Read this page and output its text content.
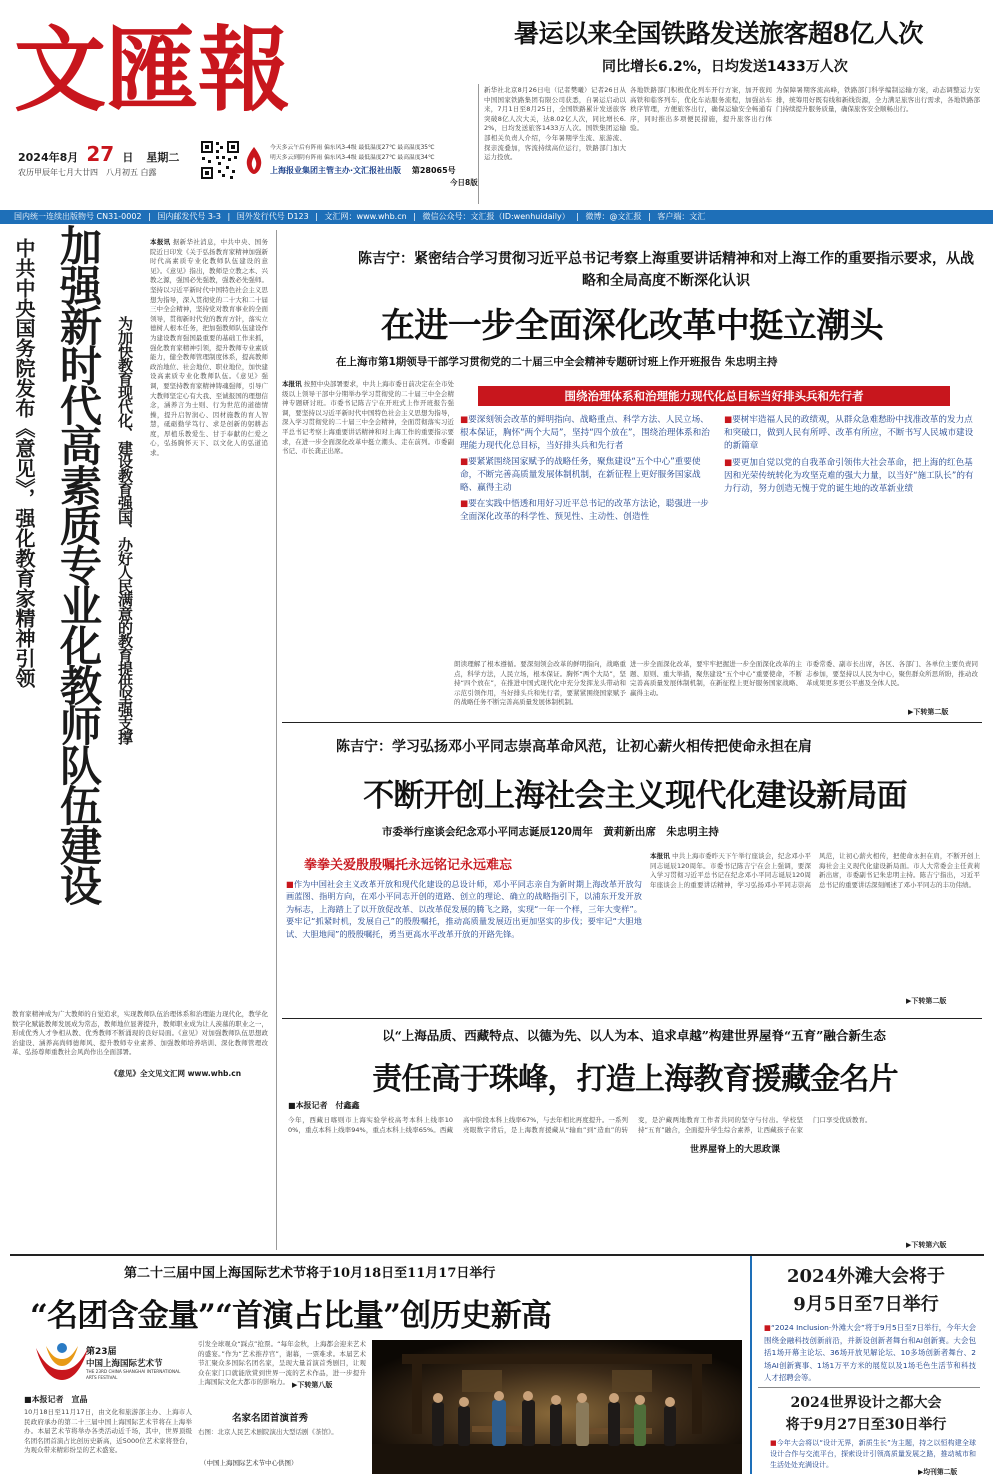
文匯報
2024年8月 27 日 星期二
农历甲辰年七月大廿四　八月初五 白露
今天多云午后有阵雨 偏东风3-4级 最低温度27℃ 最高温度35℃
明天多云到阴有阵雨 偏东风3-4级 最低温度27℃ 最高温度34℃
上海报业集团主管主办·文汇报社出版 第28065号
今日8版
暑运以来全国铁路发送旅客超8亿人次
同比增长6.2%，日均发送1433万人次
新华社北京8月26日电（记者樊曦）记者26日从中国国家铁路集团有限公司获悉，自暑运启动以来，7月1日至8月25日，全国铁路累计发送旅客突破8亿人次大关，达8.02亿人次，同比增长6.2%，日均发送旅客1433万人次。国铁集团运输部相关负责人介绍，今年暑期学生流、旅游流、探亲流叠加，客流持续高位运行，铁路部门加大运力投放。
各地铁路部门积极优化列车开行方案，加开夜间高铁和临客列车，优化车站服务流程，加强站车秩序管理，方便旅客出行，确保运输安全畅通有序，同时推出多项便民措施，提升旅客出行体验。
为保障暑期客流高峰，铁路部门科学编制运输方案，动态调整运力安排，统筹用好既有线和新线资源，全力满足旅客出行需求，各地铁路部门持续提升服务质量，确保旅客安全顺畅出行。
国内统一连续出版物号 CN31-0002 | 国内邮发代号 3-3 | 国外发行代号 D123 | 文汇网：www.whb.cn | 微信公众号：文汇报（ID:wenhuidaily） | 微博：@文汇报 | 客户端：文汇
中共中央国务院发布《意见》，强化教育家精神引领 加强新时代高素质专业化教师队伍建设 为加快教育现代化、建设教育强国、办好人民满意的教育提供坚强支撑
本报讯 据新华社消息，中共中央、国务院近日印发《关于弘扬教育家精神加强新时代高素质专业化教师队伍建设的意见》。《意见》指出，教师是立教之本、兴教之源，强国必先强教，强教必先强师。坚持以习近平新时代中国特色社会主义思想为指导，深入贯彻党的二十大和二十届三中全会精神，坚持党对教育事业的全面领导，贯彻新时代党的教育方针，落实立德树人根本任务，把加强教师队伍建设作为建设教育强国最重要的基础工作来抓，强化教育家精神引领，提升教师专业素质能力，健全教师管理制度体系，提高教师政治地位、社会地位、职业地位，加快建设高素质专业化教师队伍。《意见》强调，要坚持教育家精神铸魂强师，引导广大教师坚定心有大我、至诚报国的理想信念，涵养言为士则、行为世范的道德情操，提升启智润心、因材施教的育人智慧，砥砺勤学笃行、求是创新的躬耕态度，厚植乐教爱生、甘于奉献的仁爱之心，弘扬胸怀天下、以文化人的弘道追求。
教育家精神成为广大教师的自觉追求，实现教师队伍治理体系和治理能力现代化，教学化数字化赋能教师发展成为常态，教师地位显著提升，教师职业成为让人羡慕的职业之一，形成优秀人才争相从教、优秀教师不断涌现的良好局面。《意见》对加强教师队伍思想政治建设、涵养高尚师德师风、提升教师专业素养、加强教师培养培训、深化教师管理改革、弘扬尊师重教社会风尚作出全面部署。
《意见》全文见文汇网 www.whb.cn
陈吉宁：紧密结合学习贯彻习近平总书记考察上海重要讲话精神和对上海工作的重要指示要求，从战略和全局高度不断深化认识
在进一步全面深化改革中挺立潮头
在上海市第1期领导干部学习贯彻党的二十届三中全会精神专题研讨班上作开班报告 朱忠明主持
本报讯 按照中央部署要求，中共上海市委日前决定在全市处级以上领导干部中分期举办学习贯彻党的二十届三中全会精神专题研讨班。市委书记陈吉宁在开班式上作开班报告强调，要坚持以习近平新时代中国特色社会主义思想为指导，深入学习贯彻党的二十届三中全会精神，全面贯彻落实习近平总书记考察上海重要讲话精神和对上海工作的重要指示要求，在进一步全面深化改革中挺立潮头、走在前列。市委副书记、市长龚正出席。
围绕治理体系和治理能力现代化总目标当好排头兵和先行者
■要深刻领会改革的鲜明指向、战略重点、科学方法、人民立场、根本保证，胸怀“两个大局”，坚持“四个放在”，围绕治理体系和治理能力现代化总目标，当好排头兵和先行者
■要紧紧围绕国家赋予的战略任务，聚焦建设“五个中心”重要使命，不断完善高质量发展体制机制，在新征程上更好服务国家战略、赢得主动
■要在实践中悟透和用好习近平总书记的改革方法论，聪强进一步全面深化改革的科学性、预见性、主动性、创造性
■要树牢造福人民的政绩观，从群众急难愁盼中找准改革的发力点和突破口，做到人民有所呼、改革有所应，不断书写人民城市建设的新篇章
■要更加自觉以党的自我革命引领伟大社会革命，把上海的红色基因和光荣传统转化为攻坚克难的强大力量，以当好“施工队长”的有力行动，努力创造无愧于党的诞生地的改革新业绩
朗读理解了根本遵循。要深刻领会改革的鲜明指向，战略重点，科学方法，人民立场，根本保证。胸怀“两个大局”，坚持“四个放在”，在推进中国式现代化中充分发挥龙头带动和示范引领作用，当好排头兵和先行者，要紧紧围绕国家赋予的战略任务不断完善高质量发展体制机制。
进一步全面深化改革，要牢牢把握进一步全面深化改革的主题、原则、重大举措，聚焦建设“五个中心”重要使命，不断完善高质量发展体制机制，在新征程上更好服务国家战略、赢得主动。
市委常委、副市长出席，各区、各部门、各单位主要负责同志参加，要坚持以人民为中心，聚焦群众所思所盼，推动改革成果更多更公平惠及全体人民。
▶下转第二版
陈吉宁：学习弘扬邓小平同志崇高革命风范，让初心薪火相传把使命永担在肩
不断开创上海社会主义现代化建设新局面
市委举行座谈会纪念邓小平同志诞辰120周年　黄莉新出席　朱忠明主持
拳拳关爱殷殷嘱托永远铭记永远难忘
■作为中国社会主义改革开放和现代化建设的总设计师，邓小平同志亲自为新时期上海改革开放勾画蓝图、指明方向，在邓小平同志开创的道路、创立的理论、确立的战略指引下，以浦东开发开放为标志，上海踏上了以开放促改革、以改革促发展的腾飞之路，实现“一年一个样，三年大变样”。要牢记“抓紧时机，发展自己”的殷殷嘱托，推动高质量发展迈出更加坚实的步伐；要牢记“大胆地试、大胆地闯”的殷殷嘱托，勇当更高水平改革开放的开路先锋。
本报讯 中共上海市委昨天下午举行座谈会，纪念邓小平同志诞辰120周年。市委书记陈吉宁在会上强调，要深入学习贯彻习近平总书记在纪念邓小平同志诞辰120周年座谈会上的重要讲话精神，学习弘扬邓小平同志崇高风范，让初心薪火相传，把使命永担在肩，不断开创上海社会主义现代化建设新局面。市人大常委会主任黄莉新出席，市委副书记朱忠明主持。陈吉宁指出，习近平总书记的重要讲话深刻阐述了邓小平同志的丰功伟绩。
▶下转第二版
以“上海品质、西藏特点、以德为先、以人为本、追求卓越”构建世界屋脊“五育”融合新生态
责任高于珠峰，打造上海教育援藏金名片
■本报记者　付鑫鑫
今年，西藏日喀则市上海实验学校高考本科上线率100%，重点本科上线率94%，重点本科上线率65%。西藏高中阶段本科上线率67%，与去年相比再度提升。一系列亮眼数字背后，是上海教育援藏从“输血”到“造血”的转变，是沪藏两地教育工作者共同的坚守与付出。学校坚持“五育”融合，全面提升学生综合素养，让西藏孩子在家门口享受优质教育。
世界屋脊上的大思政课
▶下转第六版
第二十三届中国上海国际艺术节将于10月18日至11月17日举行
“名团含金量”“首演占比量”创历史新高
第23届
中国上海国际艺术节
THE 23RD CHINA SHANGHAI INTERNATIONAL ARTS FESTIVAL
■本报记者　宣晶
10月18日至11月17日，由文化和旅游部主办、上海市人民政府承办的第二十三届中国上海国际艺术节将在上海举办。本届艺术节将举办各类活动近千场，其中，世界顶级名团名团首演占比创历史新高，近5000位艺术家将登台，为观众带来精彩纷呈的艺术盛宴。
引发全球观众“踩点”抢票。“每年金秋，上海都会迎来艺术的盛宴。”作为“艺术推荐官”，谢幕，一票难求。本届艺术节汇聚众多国际名团名家，呈现大量首演首秀剧目，让观众在家门口就能欣赏到世界一流的艺术作品，进一步提升上海国际文化大都市的影响力。
名家名团首演首秀
右图：北京人民艺术剧院演出大型话剧《茶馆》。
（中国上海国际艺术节中心供图）
▶下转第八版
2024外滩大会将于
9月5日至7日举行
■“2024 Inclusion·外滩大会”将于9月5日至7日举行，今年大会围绕金融科技创新前沿，并新设创新者舞台和AI创新赛。大会包括1场开幕主论坛、36场开放见解论坛、10多场创新者舞台、2场AI创新赛事、1场1万平方米的展览以及1场毛色生活节和科技人才招聘会等。
2024世界设计之都大会
将于9月27日至30日举行
■今年大会将以“设计无界，新质生长”为主题，持之以恒构建全球设计合作与交流平台，探索设计引领高质量发展之路，推动城市和生活处处充满设计。
▶均刊第二版
